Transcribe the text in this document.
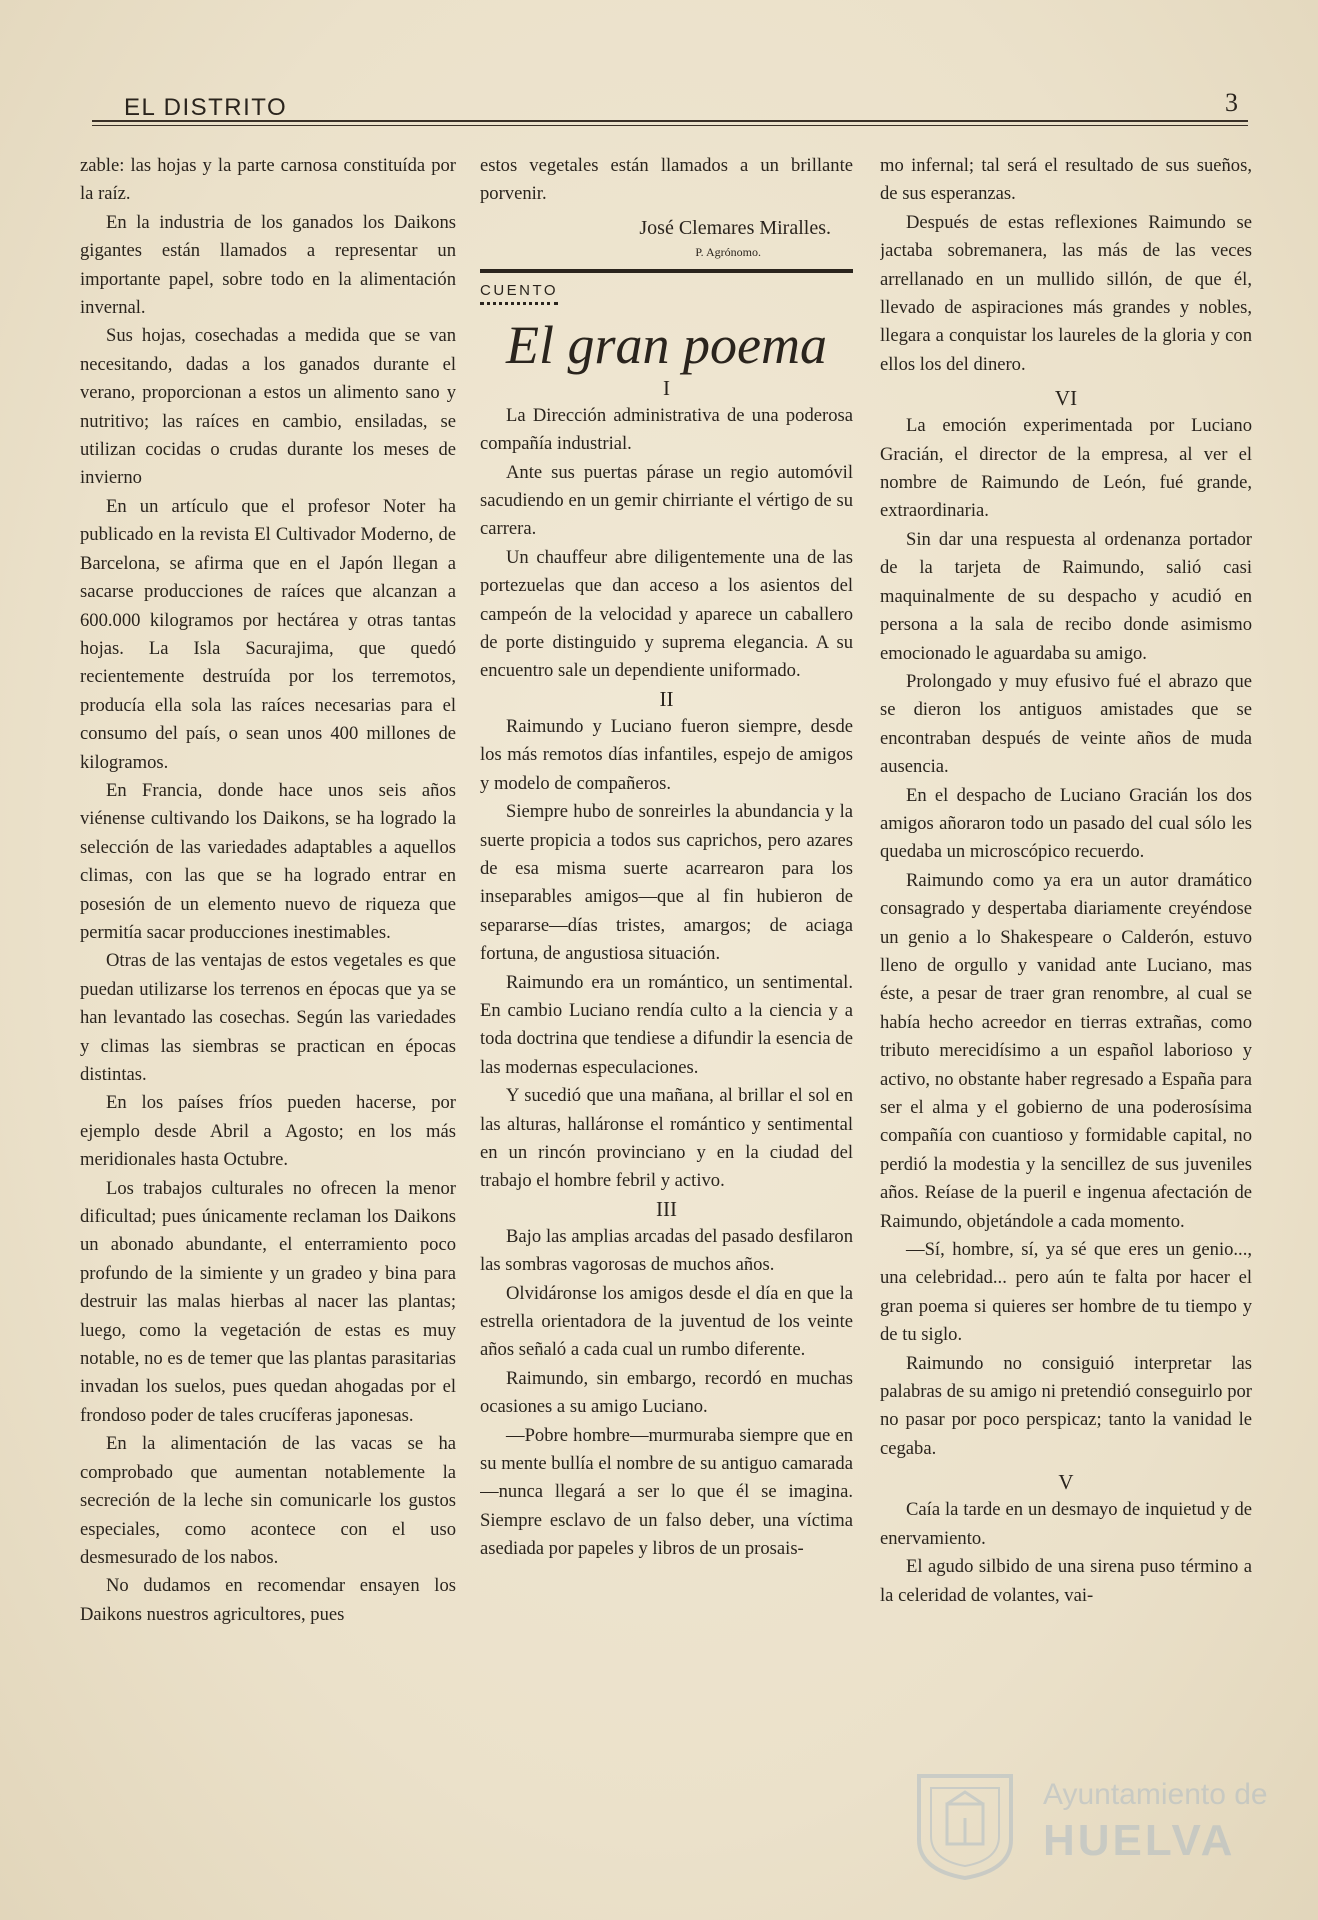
EL DISTRITO	3

zable: las hojas y la parte carnosa constituída por la raíz.

En la industria de los ganados los Daikons gigantes están llamados a representar un importante papel, sobre todo en la alimentación invernal.

Sus hojas, cosechadas a medida que se van necesitando, dadas a los ganados durante el verano, proporcionan a estos un alimento sano y nutritivo; las raíces en cambio, ensiladas, se utilizan cocidas o crudas durante los meses de invierno

En un artículo que el profesor Noter ha publicado en la revista El Cultivador Moderno, de Barcelona, se afirma que en el Japón llegan a sacarse producciones de raíces que alcanzan a 600.000 kilogramos por hectárea y otras tantas hojas. La Isla Sacurajima, que quedó recientemente destruída por los terremotos, producía ella sola las raíces necesarias para el consumo del país, o sean unos 400 millones de kilogramos.

En Francia, donde hace unos seis años viénense cultivando los Daikons, se ha logrado la selección de las variedades adaptables a aquellos climas, con las que se ha logrado entrar en posesión de un elemento nuevo de riqueza que permitía sacar producciones inestimables.

Otras de las ventajas de estos vegetales es que puedan utilizarse los terrenos en épocas que ya se han levantado las cosechas. Según las variedades y climas las siembras se practican en épocas distintas.

En los países fríos pueden hacerse, por ejemplo desde Abril a Agosto; en los más meridionales hasta Octubre.

Los trabajos culturales no ofrecen la menor dificultad; pues únicamente reclaman los Daikons un abonado abundante, el enterramiento poco profundo de la simiente y un gradeo y bina para destruir las malas hierbas al nacer las plantas; luego, como la vegetación de estas es muy notable, no es de temer que las plantas parasitarias invadan los suelos, pues quedan ahogadas por el frondoso poder de tales crucíferas japonesas.

En la alimentación de las vacas se ha comprobado que aumentan notablemente la secreción de la leche sin comunicarle los gustos especiales, como acontece con el uso desmesurado de los nabos.

No dudamos en recomendar ensayen los Daikons nuestros agricultores, pues

estos vegetales están llamados a un brillante porvenir.

José Clemares Miralles.
P. Agrónomo.
CUENTO
El gran poema

I

La Dirección administrativa de una poderosa compañía industrial.

Ante sus puertas párase un regio automóvil sacudiendo en un gemir chirriante el vértigo de su carrera.

Un chauffeur abre diligentemente una de las portezuelas que dan acceso a los asientos del campeón de la velocidad y aparece un caballero de porte distinguido y suprema elegancia. A su encuentro sale un dependiente uniformado.

II

Raimundo y Luciano fueron siempre, desde los más remotos días infantiles, espejo de amigos y modelo de compañeros.

Siempre hubo de sonreirles la abundancia y la suerte propicia a todos sus caprichos, pero azares de esa misma suerte acarrearon para los inseparables amigos—que al fin hubieron de separarse—días tristes, amargos; de aciaga fortuna, de angustiosa situación.

Raimundo era un romántico, un sentimental. En cambio Luciano rendía culto a la ciencia y a toda doctrina que tendiese a difundir la esencia de las modernas especulaciones.

Y sucedió que una mañana, al brillar el sol en las alturas, halláronse el romántico y sentimental en un rincón provinciano y en la ciudad del trabajo el hombre febril y activo.

III

Bajo las amplias arcadas del pasado desfilaron las sombras vagorosas de muchos años.

Olvidáronse los amigos desde el día en que la estrella orientadora de la juventud de los veinte años señaló a cada cual un rumbo diferente.

Raimundo, sin embargo, recordó en muchas ocasiones a su amigo Luciano.

—Pobre hombre—murmuraba siempre que en su mente bullía el nombre de su antiguo camarada—nunca llegará a ser lo que él se imagina. Siempre esclavo de un falso deber, una víctima asediada por papeles y libros de un prosais-

mo infernal; tal será el resultado de sus sueños, de sus esperanzas.

Después de estas reflexiones Raimundo se jactaba sobremanera, las más de las veces arrellanado en un mullido sillón, de que él, llevado de aspiraciones más grandes y nobles, llegara a conquistar los laureles de la gloria y con ellos los del dinero.

VI

La emoción experimentada por Luciano Gracián, el director de la empresa, al ver el nombre de Raimundo de León, fué grande, extraordinaria.

Sin dar una respuesta al ordenanza portador de la tarjeta de Raimundo, salió casi maquinalmente de su despacho y acudió en persona a la sala de recibo donde asimismo emocionado le aguardaba su amigo.

Prolongado y muy efusivo fué el abrazo que se dieron los antiguos amistades que se encontraban después de veinte años de muda ausencia.

En el despacho de Luciano Gracián los dos amigos añoraron todo un pasado del cual sólo les quedaba un microscópico recuerdo.

Raimundo como ya era un autor dramático consagrado y despertaba diariamente creyéndose un genio a lo Shakespeare o Calderón, estuvo lleno de orgullo y vanidad ante Luciano, mas éste, a pesar de traer gran renombre, al cual se había hecho acreedor en tierras extrañas, como tributo merecidísimo a un español laborioso y activo, no obstante haber regresado a España para ser el alma y el gobierno de una poderosísima compañía con cuantioso y formidable capital, no perdió la modestia y la sencillez de sus juveniles años. Reíase de la pueril e ingenua afectación de Raimundo, objetándole a cada momento.

—Sí, hombre, sí, ya sé que eres un genio..., una celebridad... pero aún te falta por hacer el gran poema si quieres ser hombre de tu tiempo y de tu siglo.

Raimundo no consiguió interpretar las palabras de su amigo ni pretendió conseguirlo por no pasar por poco perspicaz; tanto la vanidad le cegaba.

V

Caía la tarde en un desmayo de inquietud y de enervamiento.

El agudo silbido de una sirena puso término a la celeridad de volantes, vai-

Ayuntamiento de
HUELVA
